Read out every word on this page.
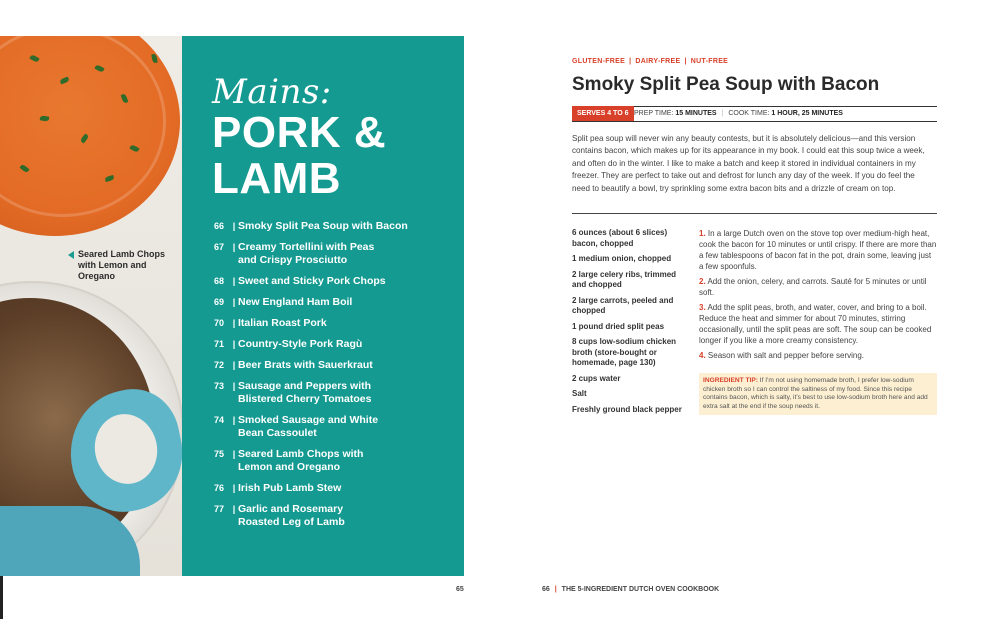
Seared Lamb Chops with Lemon and Oregano
Mains:
PORK &
LAMB
66 | Smoky Split Pea Soup with Bacon
67 | Creamy Tortellini with Peas
and Crispy Prosciutto
68 | Sweet and Sticky Pork Chops
69 | New England Ham Boil
70 | Italian Roast Pork
71 | Country-Style Pork Ragù
72 | Beer Brats with Sauerkraut
73 | Sausage and Peppers with
Blistered Cherry Tomatoes
74 | Smoked Sausage and White
Bean Cassoulet
75 | Seared Lamb Chops with
Lemon and Oregano
76 | Irish Pub Lamb Stew
77 | Garlic and Rosemary
Roasted Leg of Lamb
65
GLUTEN-FREE | DAIRY-FREE | NUT-FREE
Smoky Split Pea Soup with Bacon
SERVES 4 TO 6 PREP TIME: 15 MINUTES | COOK TIME: 1 HOUR, 25 MINUTES
Split pea soup will never win any beauty contests, but it is absolutely delicious—and this version contains bacon, which makes up for its appearance in my book. I could eat this soup twice a week, and often do in the winter. I like to make a batch and keep it stored in individual containers in my freezer. They are perfect to take out and defrost for lunch any day of the week. If you do feel the need to beautify a bowl, try sprinkling some extra bacon bits and a drizzle of cream on top.
6 ounces (about 6 slices) bacon, chopped
1 medium onion, chopped
2 large celery ribs, trimmed and chopped
2 large carrots, peeled and chopped
1 pound dried split peas
8 cups low-sodium chicken broth (store-bought or homemade, page 130)
2 cups water
Salt
Freshly ground black pepper
1. In a large Dutch oven on the stove top over medium-high heat, cook the bacon for 10 minutes or until crispy. If there are more than a few tablespoons of bacon fat in the pot, drain some, leaving just a few spoonfuls.
2. Add the onion, celery, and carrots. Sauté for 5 minutes or until soft.
3. Add the split peas, broth, and water, cover, and bring to a boil. Reduce the heat and simmer for about 70 minutes, stirring occasionally, until the split peas are soft. The soup can be cooked longer if you like a more creamy consistency.
4. Season with salt and pepper before serving.
INGREDIENT TIP: If I'm not using homemade broth, I prefer low-sodium chicken broth so I can control the saltiness of my food. Since this recipe contains bacon, which is salty, it's best to use low-sodium broth here and add extra salt at the end if the soup needs it.
66 | THE 5-INGREDIENT DUTCH OVEN COOKBOOK
